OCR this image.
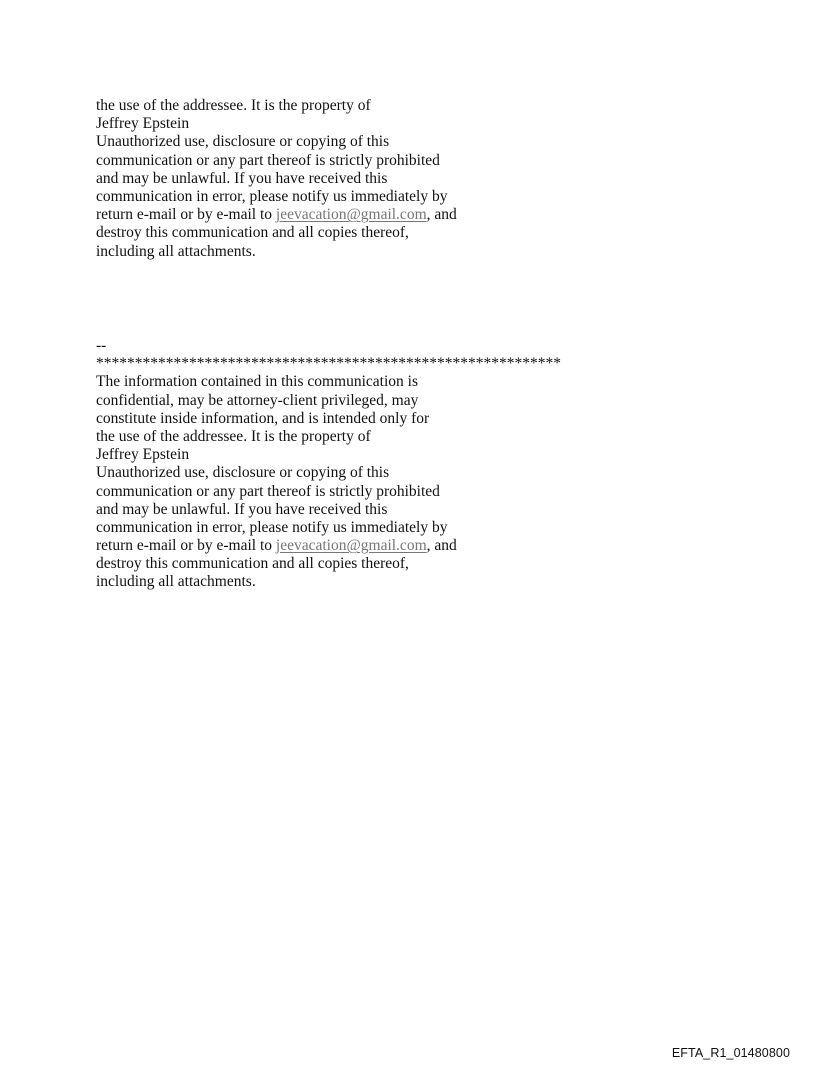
the use of the addressee. It is the property of
Jeffrey Epstein
Unauthorized use, disclosure or copying of this
communication or any part thereof is strictly prohibited
and may be unlawful. If you have received this
communication in error, please notify us immediately by
return e-mail or by e-mail to jeevacation@gmail.com, and
destroy this communication and all copies thereof,
including all attachments.
--
************************************************************
The information contained in this communication is
confidential, may be attorney-client privileged, may
constitute inside information, and is intended only for
the use of the addressee. It is the property of
Jeffrey Epstein
Unauthorized use, disclosure or copying of this
communication or any part thereof is strictly prohibited
and may be unlawful. If you have received this
communication in error, please notify us immediately by
return e-mail or by e-mail to jeevacation@gmail.com, and
destroy this communication and all copies thereof,
including all attachments.
EFTA_R1_01480800
